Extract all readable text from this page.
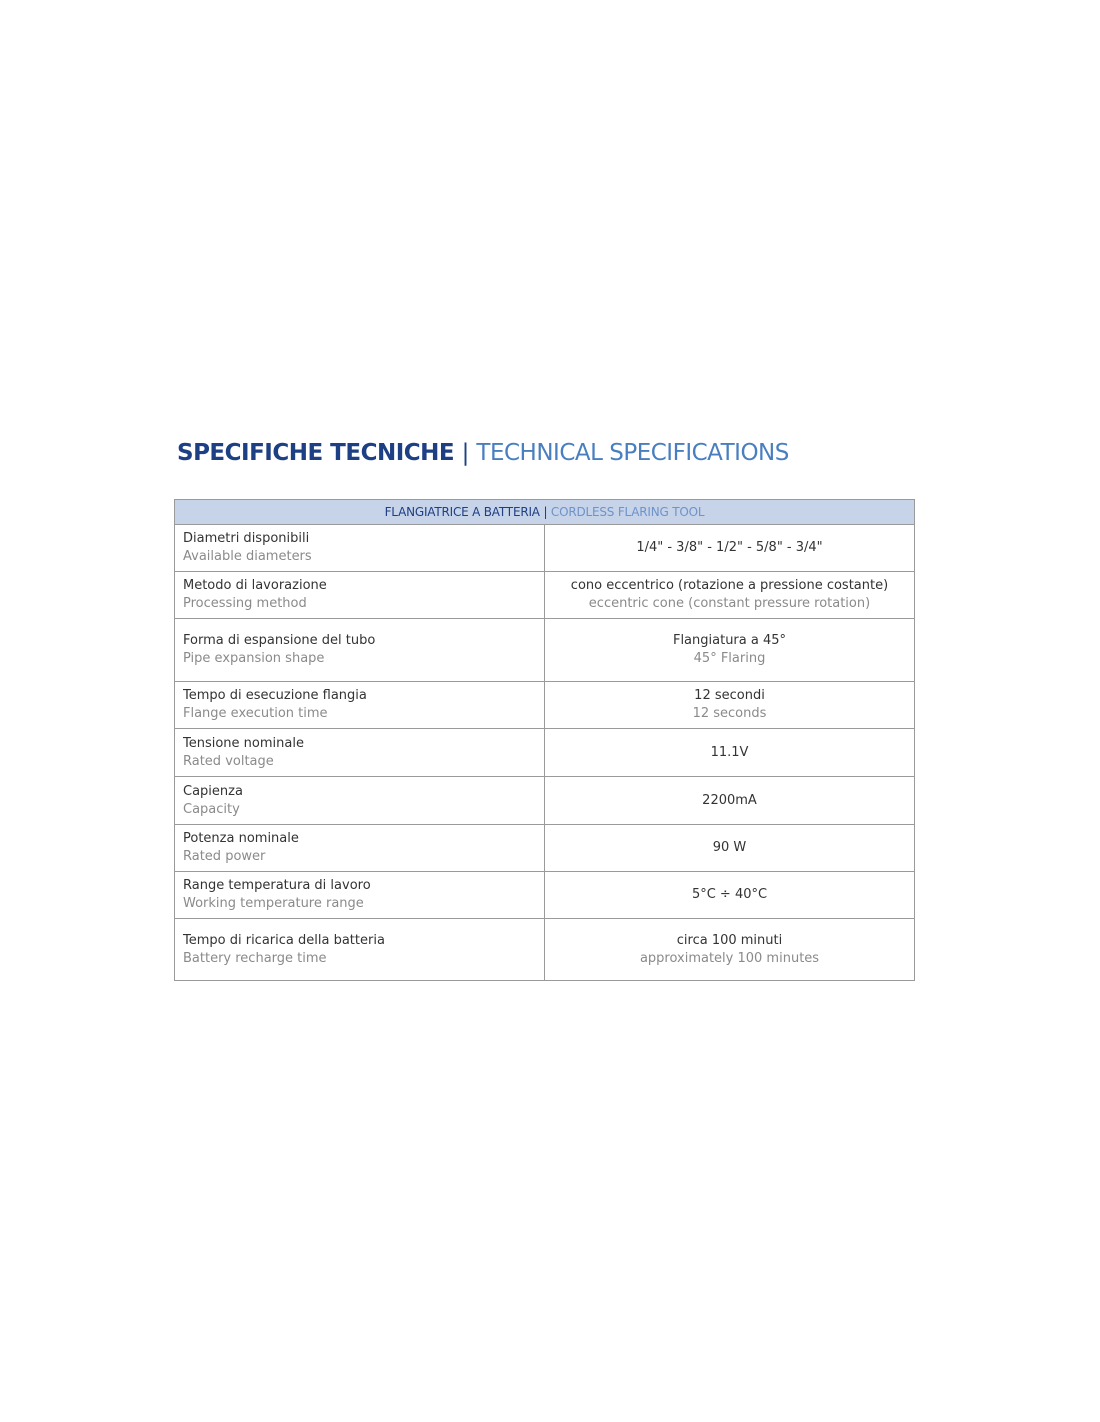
SPECIFICHE TECNICHE | TECHNICAL SPECIFICATIONS
FLANGIATRICE A BATTERIA | CORDLESS FLARING TOOL	

Diametri disponibili
Available diameters	1/4" - 3/8" - 1/2" - 5/8" - 3/4"

Metodo di lavorazione
Processing method	cono eccentrico (rotazione a pressione costante)
eccentric cone (constant pressure rotation)

Forma di espansione del tubo
Pipe expansion shape	Flangiatura a 45°
45° Flaring

Tempo di esecuzione flangia
Flange execution time	12 secondi
12 seconds

Tensione nominale
Rated voltage	11.1V

Capienza
Capacity	2200mA

Potenza nominale
Rated power	90 W

Range temperatura di lavoro
Working temperature range	5°C ÷ 40°C

Tempo di ricarica della batteria
Battery recharge time	circa 100 minuti
approximately 100 minutes
